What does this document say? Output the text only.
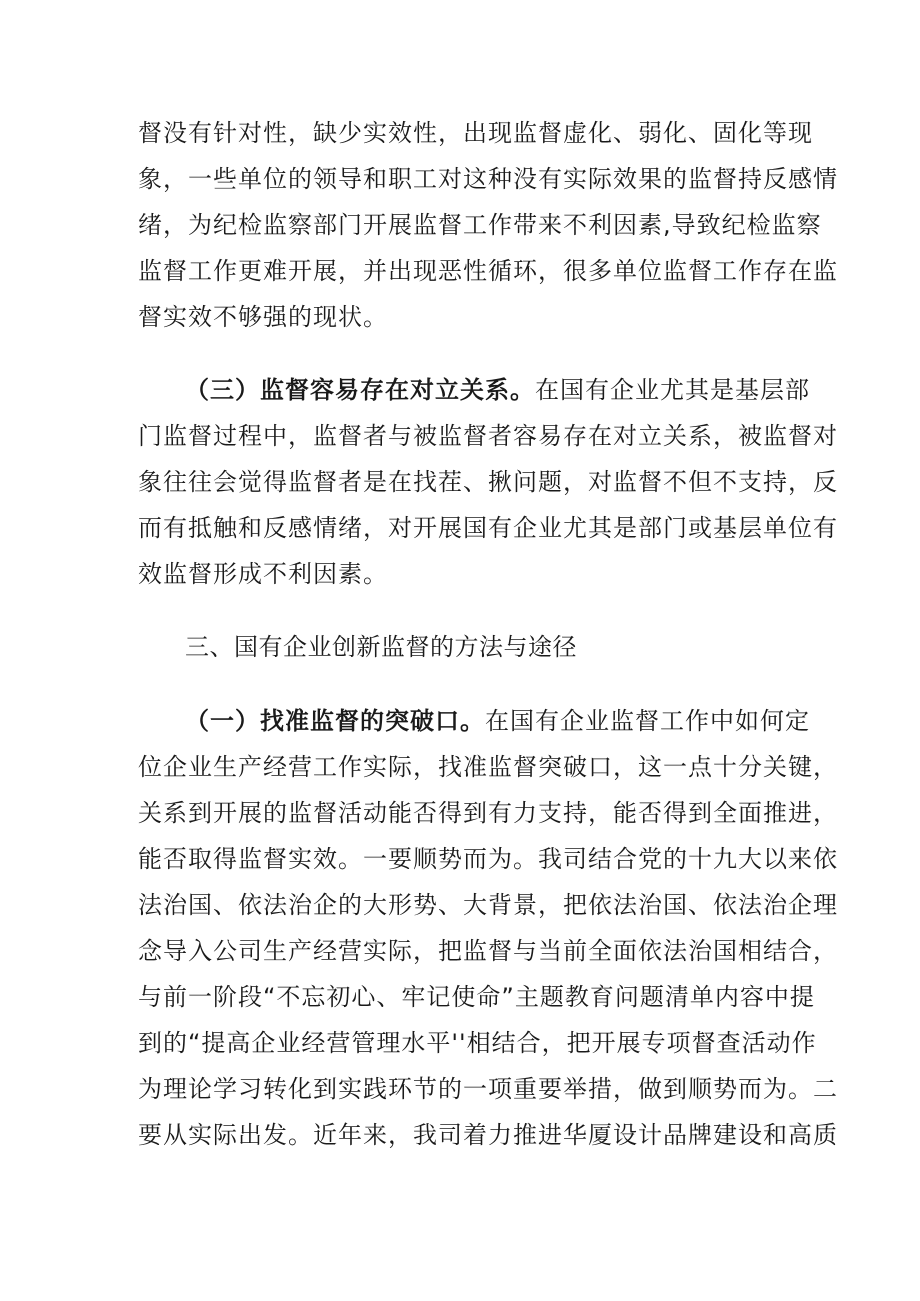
督没有针对性，缺少实效性，出现监督虚化、弱化、固化等现
象，一些单位的领导和职工对这种没有实际效果的监督持反感情
绪，为纪检监察部门开展监督工作带来不利因素,导致纪检监察
监督工作更难开展，并出现恶性循环，很多单位监督工作存在监
督实效不够强的现状。
（三）监督容易存在对立关系。在国有企业尤其是基层部
门监督过程中，监督者与被监督者容易存在对立关系，被监督对
象往往会觉得监督者是在找茬、揪问题，对监督不但不支持，反
而有抵触和反感情绪，对开展国有企业尤其是部门或基层单位有
效监督形成不利因素。
三、国有企业创新监督的方法与途径
（一）找准监督的突破口。在国有企业监督工作中如何定
位企业生产经营工作实际，找准监督突破口，这一点十分关键，
关系到开展的监督活动能否得到有力支持，能否得到全面推进，
能否取得监督实效。一要顺势而为。我司结合党的十九大以来依
法治国、依法治企的大形势、大背景，把依法治国、依法治企理
念导入公司生产经营实际，把监督与当前全面依法治国相结合，
与前一阶段“不忘初心、牢记使命”主题教育问题清单内容中提
到的“提高企业经营管理水平''相结合，把开展专项督查活动作
为理论学习转化到实践环节的一项重要举措，做到顺势而为。二
要从实际出发。近年来，我司着力推进华厦设计品牌建设和高质
